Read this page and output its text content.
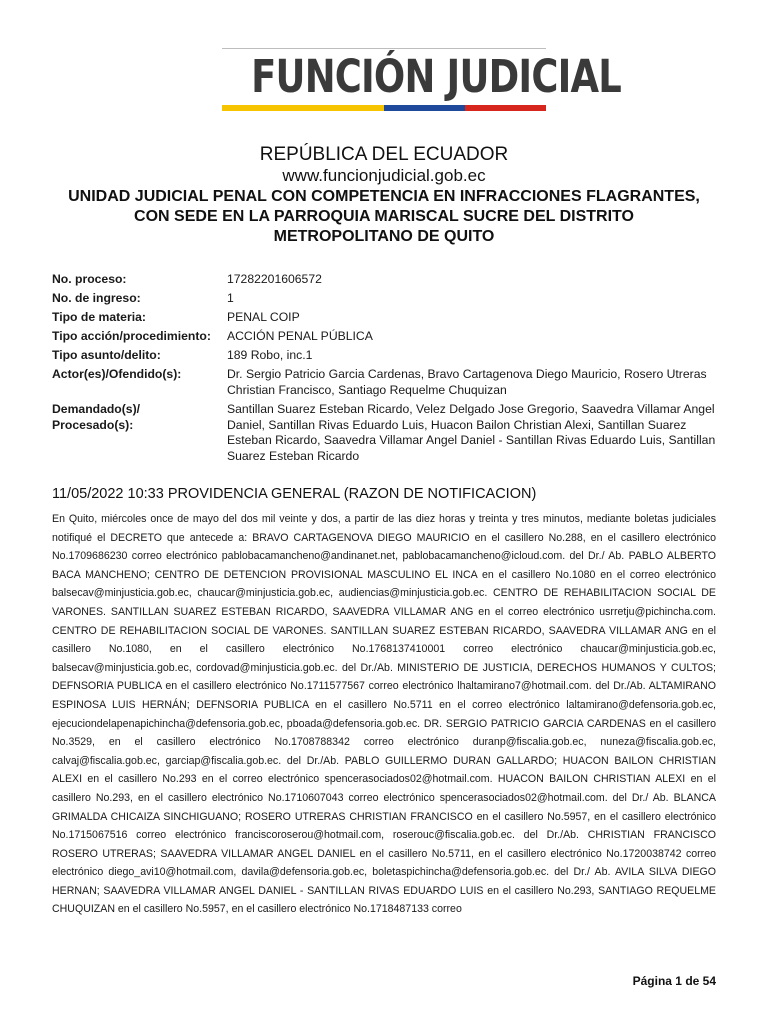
FUNCIÓN JUDICIAL
REPÚBLICA DEL ECUADOR
www.funcionjudicial.gob.ec
UNIDAD JUDICIAL PENAL CON COMPETENCIA EN INFRACCIONES FLAGRANTES,
CON SEDE EN LA PARROQUIA MARISCAL SUCRE DEL DISTRITO
METROPOLITANO DE QUITO
No. proceso:	17282201606572
No. de ingreso:	1
Tipo de materia:	PENAL COIP
Tipo acción/procedimiento:	ACCIÓN PENAL PÚBLICA
Tipo asunto/delito:	189 Robo, inc.1
Actor(es)/Ofendido(s):	Dr. Sergio Patricio Garcia Cardenas, Bravo Cartagenova Diego Mauricio, Rosero Utreras Christian Francisco, Santiago Requelme Chuquizan
Demandado(s)/
Procesado(s):
Santillan Suarez Esteban Ricardo, Velez Delgado Jose Gregorio, Saavedra Villamar Angel Daniel, Santillan Rivas Eduardo Luis, Huacon Bailon Christian Alexi, Santillan Suarez Esteban Ricardo, Saavedra Villamar Angel Daniel - Santillan Rivas Eduardo Luis, Santillan Suarez Esteban Ricardo
11/05/2022 10:33 PROVIDENCIA GENERAL (RAZON DE NOTIFICACION)
En Quito, miércoles once de mayo del dos mil veinte y dos, a partir de las diez horas y treinta y tres minutos, mediante boletas judiciales notifiqué el DECRETO que antecede a: BRAVO CARTAGENOVA DIEGO MAURICIO en el casillero No.288, en el casillero electrónico No.1709686230 correo electrónico pablobacamancheno@andinanet.net, pablobacamancheno@icloud.com. del Dr./ Ab. PABLO ALBERTO BACA MANCHENO; CENTRO DE DETENCION PROVISIONAL MASCULINO EL INCA en el casillero No.1080 en el correo electrónico balsecav@minjusticia.gob.ec, chaucar@minjusticia.gob.ec, audiencias@minjusticia.gob.ec. CENTRO DE REHABILITACION SOCIAL DE VARONES. SANTILLAN SUAREZ ESTEBAN RICARDO, SAAVEDRA VILLAMAR ANG en el correo electrónico usrretju@pichincha.com. CENTRO DE REHABILITACION SOCIAL DE VARONES. SANTILLAN SUAREZ ESTEBAN RICARDO, SAAVEDRA VILLAMAR ANG en el casillero No.1080, en el casillero electrónico No.1768137410001 correo electrónico chaucar@minjusticia.gob.ec, balsecav@minjusticia.gob.ec, cordovad@minjusticia.gob.ec. del Dr./Ab. MINISTERIO DE JUSTICIA, DERECHOS HUMANOS Y CULTOS; DEFNSORIA PUBLICA en el casillero electrónico No.1711577567 correo electrónico lhaltamirano7@hotmail.com. del Dr./Ab. ALTAMIRANO ESPINOSA LUIS HERNÁN; DEFNSORIA PUBLICA en el casillero No.5711 en el correo electrónico laltamirano@defensoria.gob.ec, ejecuciondelapenapichincha@defensoria.gob.ec, pboada@defensoria.gob.ec. DR. SERGIO PATRICIO GARCIA CARDENAS en el casillero No.3529, en el casillero electrónico No.1708788342 correo electrónico duranp@fiscalia.gob.ec, nuneza@fiscalia.gob.ec, calvaj@fiscalia.gob.ec, garciap@fiscalia.gob.ec. del Dr./Ab. PABLO GUILLERMO DURAN GALLARDO; HUACON BAILON CHRISTIAN ALEXI en el casillero No.293 en el correo electrónico spencerasociados02@hotmail.com. HUACON BAILON CHRISTIAN ALEXI en el casillero No.293, en el casillero electrónico No.1710607043 correo electrónico spencerasociados02@hotmail.com. del Dr./ Ab. BLANCA GRIMALDA CHICAIZA SINCHIGUANO; ROSERO UTRERAS CHRISTIAN FRANCISCO en el casillero No.5957, en el casillero electrónico No.1715067516 correo electrónico franciscoroserou@hotmail.com, roserouc@fiscalia.gob.ec. del Dr./Ab. CHRISTIAN FRANCISCO ROSERO UTRERAS; SAAVEDRA VILLAMAR ANGEL DANIEL en el casillero No.5711, en el casillero electrónico No.1720038742 correo electrónico diego_avi10@hotmail.com, davila@defensoria.gob.ec, boletaspichincha@defensoria.gob.ec. del Dr./ Ab. AVILA SILVA DIEGO HERNAN; SAAVEDRA VILLAMAR ANGEL DANIEL - SANTILLAN RIVAS EDUARDO LUIS en el casillero No.293, SANTIAGO REQUELME CHUQUIZAN en el casillero No.5957, en el casillero electrónico No.1718487133 correo
Página 1 de 54
